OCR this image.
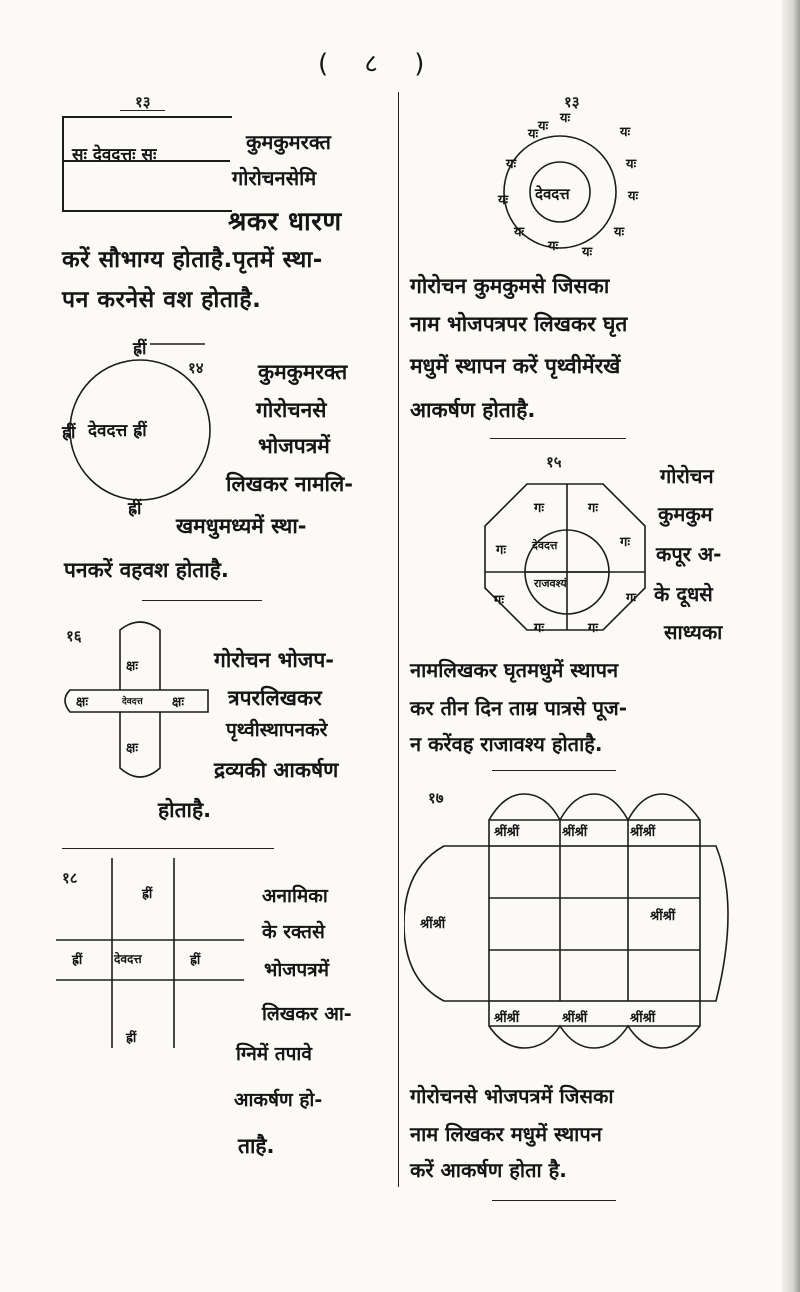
( ८ )
१३
सः देवदत्तः सः
कुमकुमरक्त
गोरोचनसेमि
श्रकर धारण
करें सौभाग्य होताहै.पृतमें स्था-
पन करनेसे वश होताहै.
ह्रीं
ह्रीं
ह्रीं
देवदत्त ह्रीं
१४	कुमकुमरक्त
गोरोचनसे
भोजपत्रमें
लिखकर नामलि-
खमधुमध्यमें स्था-
पनकरें वहवश होताहै.
१६
क्षः
क्षः	देवदत्त क्षः
क्षः
गोरोचन भोजप-
त्रपरलिखकर
पृथ्वीस्थापनकरे
द्रव्यकी आकर्षण
होताहै.
१८
ह्रीं
ह्रीं	देवदत्त	ह्रीं
ह्रीं
अनामिका
के रक्तसे
भोजपत्रमें
लिखकर आ-
ग्निमें तपावे
आकर्षण हो-
ताहै.
१३
यः
यः
यः
यः
यः
यः
यः
यः
यः
यः यः
यः
देवदत्त
गोरोचन कुमकुमसे जिसका
नाम भोजपत्रपर लिखकर घृत
मधुमें स्थापन करें पृथ्वीमेंरखें
आकर्षण होताहै.
१५
गः	गः
गः देवदत्त	गः
गः	गः
गः
राजवश्यं
गः
गोरोचन
कुमकुम
कपूर अ-
के दूधसे
साध्यका
नामलिखकर घृतमधुमें स्थापन
कर तीन दिन ताम्र पात्रसे पूज-
न करेंवह राजावश्य होताहै.
१७
श्रींश्रीं	श्रींश्रीं	श्रींश्रीं
श्रींश्रीं
श्रींश्रीं
श्रींश्रीं	श्रींश्रीं	श्रींश्रीं
गोरोचनसे भोजपत्रमें जिसका
नाम लिखकर मधुमें स्थापन
करें आकर्षण होता है.
